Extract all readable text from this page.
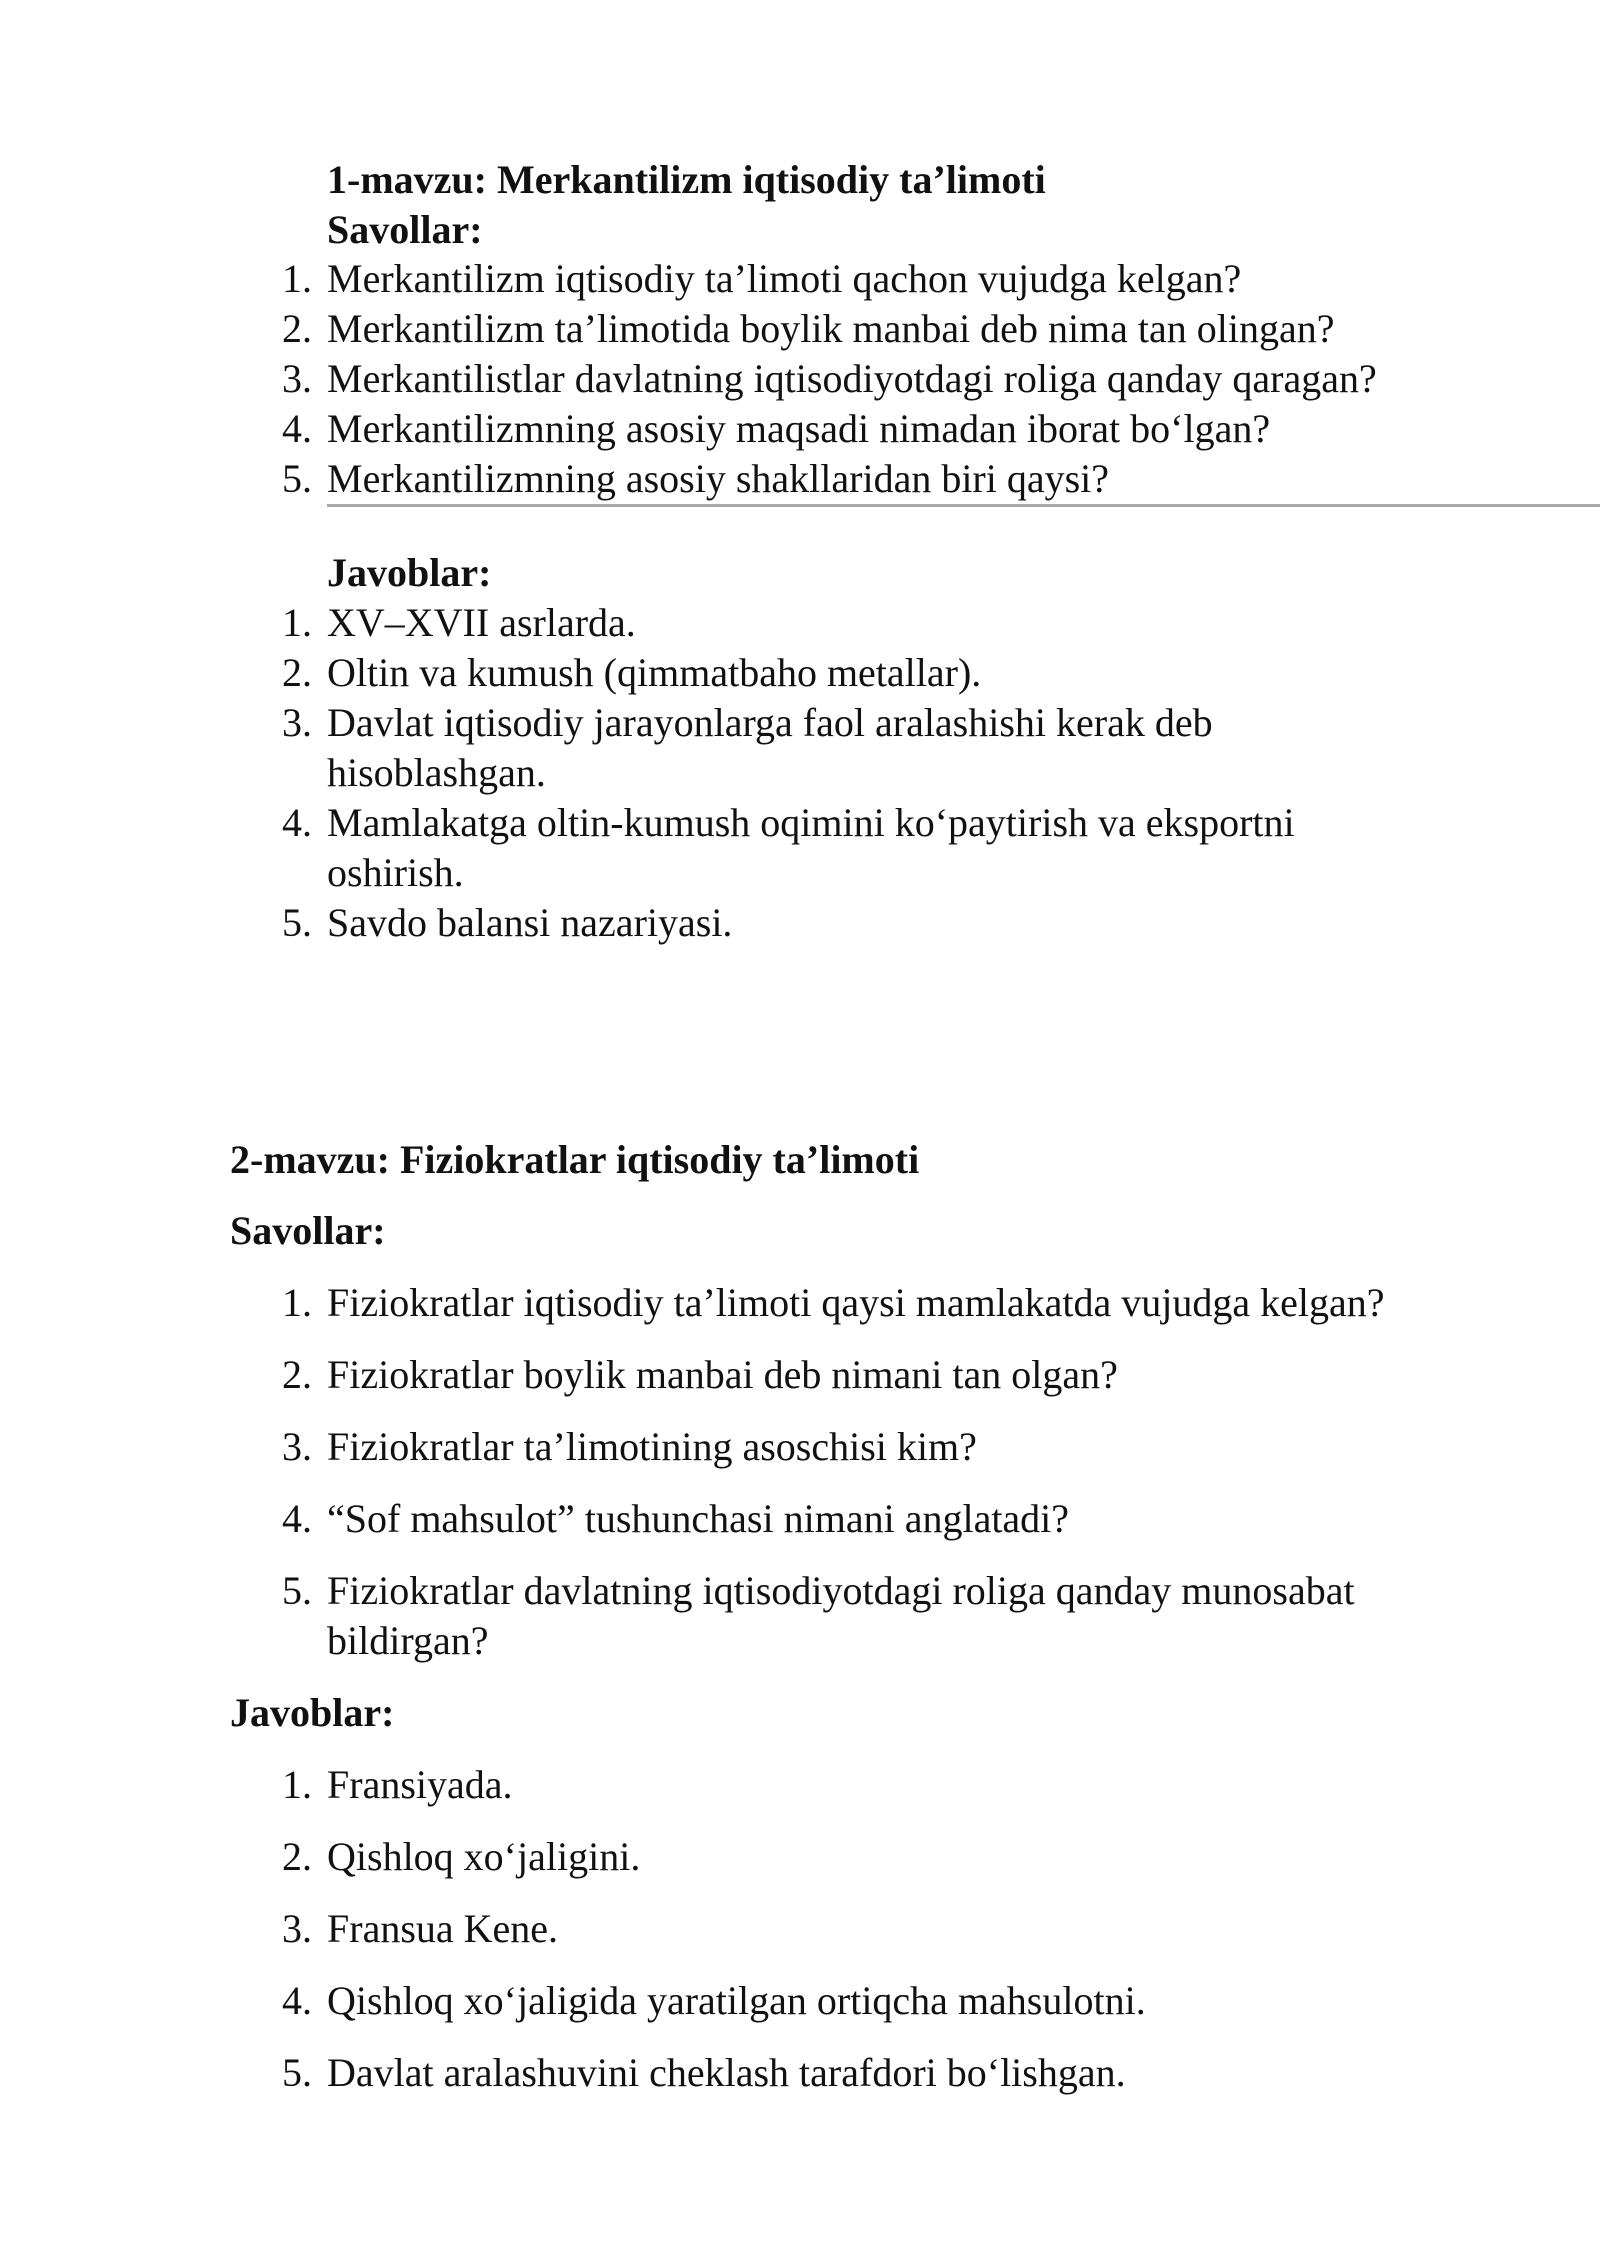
1-mavzu: Merkantilizm iqtisodiy ta’limoti
Savollar:
1. Merkantilizm iqtisodiy ta’limoti qachon vujudga kelgan?
2. Merkantilizm ta’limotida boylik manbai deb nima tan olingan?
3. Merkantilistlar davlatning iqtisodiyotdagi roliga qanday qaragan?
4. Merkantilizmning asosiy maqsadi nimadan iborat bo‘lgan?
5. Merkantilizmning asosiy shakllaridan biri qaysi?
Javoblar:
1. XV–XVII asrlarda.
2. Oltin va kumush (qimmatbaho metallar).
3. Davlat iqtisodiy jarayonlarga faol aralashishi kerak deb
hisoblashgan.
4. Mamlakatga oltin-kumush oqimini ko‘paytirish va eksportni
oshirish.
5. Savdo balansi nazariyasi.
2-mavzu: Fiziokratlar iqtisodiy ta’limoti
Savollar:
1. Fiziokratlar iqtisodiy ta’limoti qaysi mamlakatda vujudga kelgan?
2. Fiziokratlar boylik manbai deb nimani tan olgan?
3. Fiziokratlar ta’limotining asoschisi kim?
4. “Sof mahsulot” tushunchasi nimani anglatadi?
5. Fiziokratlar davlatning iqtisodiyotdagi roliga qanday munosabat
bildirgan?
Javoblar:
1. Fransiyada.
2. Qishloq xo‘jaligini.
3. Fransua Kene.
4. Qishloq xo‘jaligida yaratilgan ortiqcha mahsulotni.
5. Davlat aralashuvini cheklash tarafdori bo‘lishgan.
